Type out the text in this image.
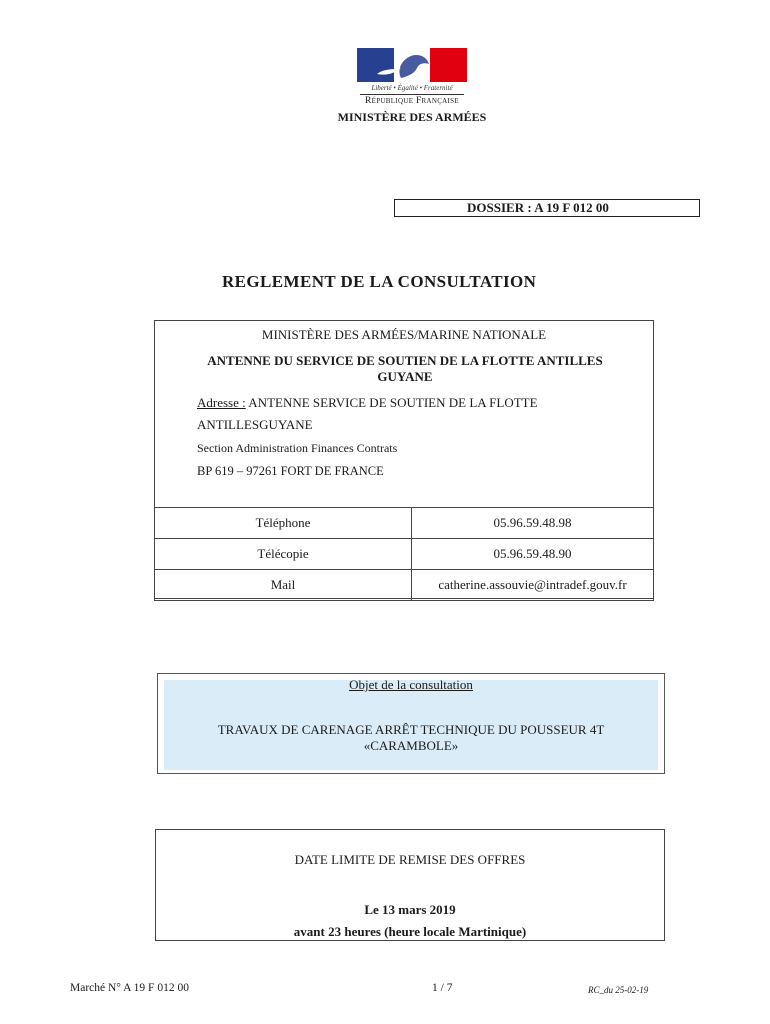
Liberté • Égalité • Fraternité
République Française
MINISTÈRE DES ARMÉES
DOSSIER : A 19 F 012 00
REGLEMENT DE LA CONSULTATION
MINISTÈRE DES ARMÉES/MARINE NATIONALE
ANTENNE DU SERVICE DE SOUTIEN DE LA FLOTTE ANTILLES GUYANE
Adresse : ANTENNE SERVICE DE SOUTIEN DE LA FLOTTE
ANTILLESGUYANE
Section Administration Finances Contrats
BP 619 – 97261 FORT DE FRANCE
Téléphone	05.96.59.48.98
Télécopie	05.96.59.48.90
Mail	catherine.assouvie@intradef.gouv.fr
Objet de la consultation
TRAVAUX DE CARENAGE ARRÊT TECHNIQUE DU POUSSEUR 4T «CARAMBOLE»
DATE LIMITE DE REMISE DES OFFRES
Le 13 mars 2019
avant 23 heures (heure locale Martinique)
Marché N° A 19 F 012 00	1 / 7	RC_du 25-02-19
